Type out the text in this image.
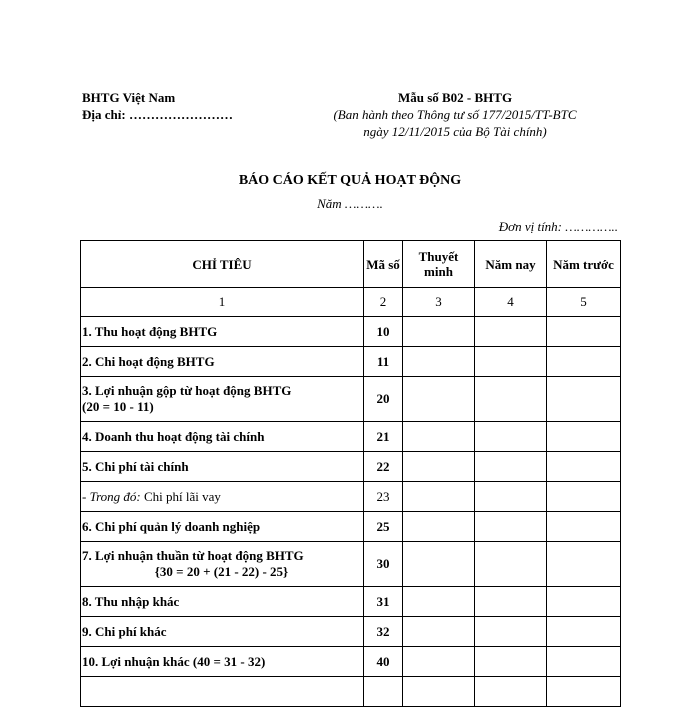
BHTG Việt Nam
Địa chỉ: ……………………
Mẫu số B02 - BHTG
(Ban hành theo Thông tư số 177/2015/TT-BTC ngày 12/11/2015 của Bộ Tài chính)
BÁO CÁO KẾT QUẢ HOẠT ĐỘNG
Năm ……….
Đơn vị tính: …………..
CHỈ TIÊU	Mã số	Thuyết minh	Năm nay	Năm trước
1	2	3	4	5
1. Thu hoạt động BHTG	10			
2. Chi hoạt động BHTG	11			
3. Lợi nhuận gộp từ hoạt động BHTG
(20 = 10 - 11)	20			
4. Doanh thu hoạt động tài chính	21			
5. Chi phí tài chính	22			
- Trong đó: Chi phí lãi vay	23			
6. Chi phí quản lý doanh nghiệp	25			
7. Lợi nhuận thuần từ hoạt động BHTG
{30 = 20 + (21 - 22) - 25}	30			
8. Thu nhập khác	31			
9. Chi phí khác	32			
10. Lợi nhuận khác (40 = 31 - 32)	40			
